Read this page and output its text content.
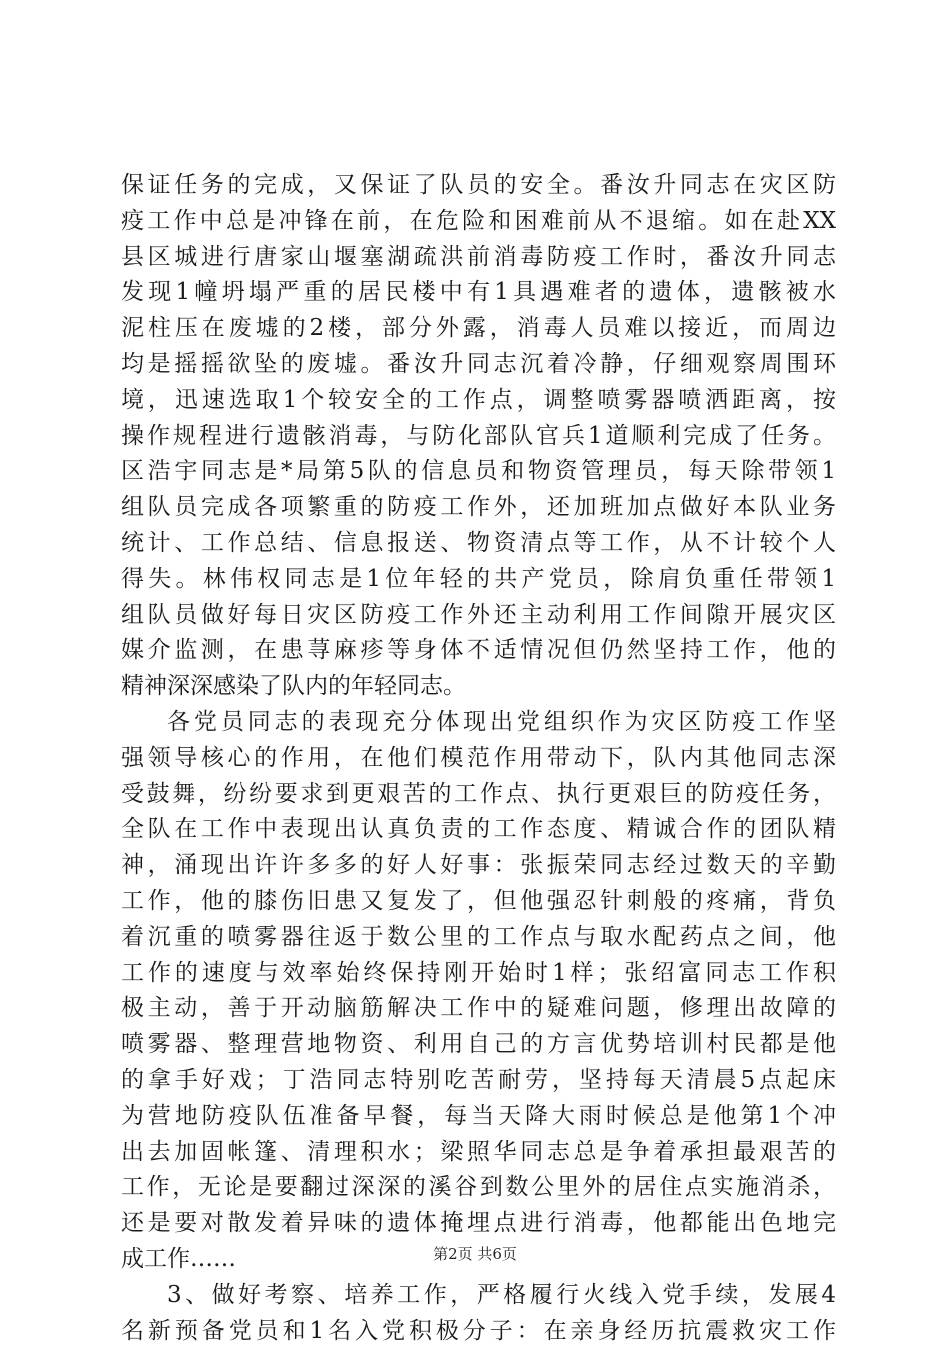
保证任务的完成，又保证了队员的安全。番汝升同志在灾区防
疫工作中总是冲锋在前，在危险和困难前从不退缩。如在赴XX
县区城进行唐家山堰塞湖疏洪前消毒防疫工作时，番汝升同志
发现1幢坍塌严重的居民楼中有1具遇难者的遗体，遗骸被水
泥柱压在废墟的2楼，部分外露，消毒人员难以接近，而周边
均是摇摇欲坠的废墟。番汝升同志沉着冷静，仔细观察周围环
境，迅速选取1个较安全的工作点，调整喷雾器喷洒距离，按
操作规程进行遗骸消毒，与防化部队官兵1道顺利完成了任务。
区浩宇同志是*局第5队的信息员和物资管理员，每天除带领1
组队员完成各项繁重的防疫工作外，还加班加点做好本队业务
统计、工作总结、信息报送、物资清点等工作，从不计较个人
得失。林伟权同志是1位年轻的共产党员，除肩负重任带领1
组队员做好每日灾区防疫工作外还主动利用工作间隙开展灾区
媒介监测，在患荨麻疹等身体不适情况但仍然坚持工作，他的
精神深深感染了队内的年轻同志。
各党员同志的表现充分体现出党组织作为灾区防疫工作坚
强领导核心的作用，在他们模范作用带动下，队内其他同志深
受鼓舞，纷纷要求到更艰苦的工作点、执行更艰巨的防疫任务，
全队在工作中表现出认真负责的工作态度、精诚合作的团队精
神，涌现出许许多多的好人好事：张振荣同志经过数天的辛勤
工作，他的膝伤旧患又复发了，但他强忍针刺般的疼痛，背负
着沉重的喷雾器往返于数公里的工作点与取水配药点之间，他
工作的速度与效率始终保持刚开始时1样；张绍富同志工作积
极主动，善于开动脑筋解决工作中的疑难问题，修理出故障的
喷雾器、整理营地物资、利用自己的方言优势培训村民都是他
的拿手好戏；丁浩同志特别吃苦耐劳，坚持每天清晨5点起床
为营地防疫队伍准备早餐，每当天降大雨时候总是他第1个冲
出去加固帐篷、清理积水；梁照华同志总是争着承担最艰苦的
工作，无论是要翻过深深的溪谷到数公里外的居住点实施消杀，
还是要对散发着异味的遗体掩埋点进行消毒，他都能出色地完
成工作……
3、做好考察、培养工作，严格履行火线入党手续，发展4
名新预备党员和1名入党积极分子：在亲身经历抗震救灾工作
第2页 共6页
